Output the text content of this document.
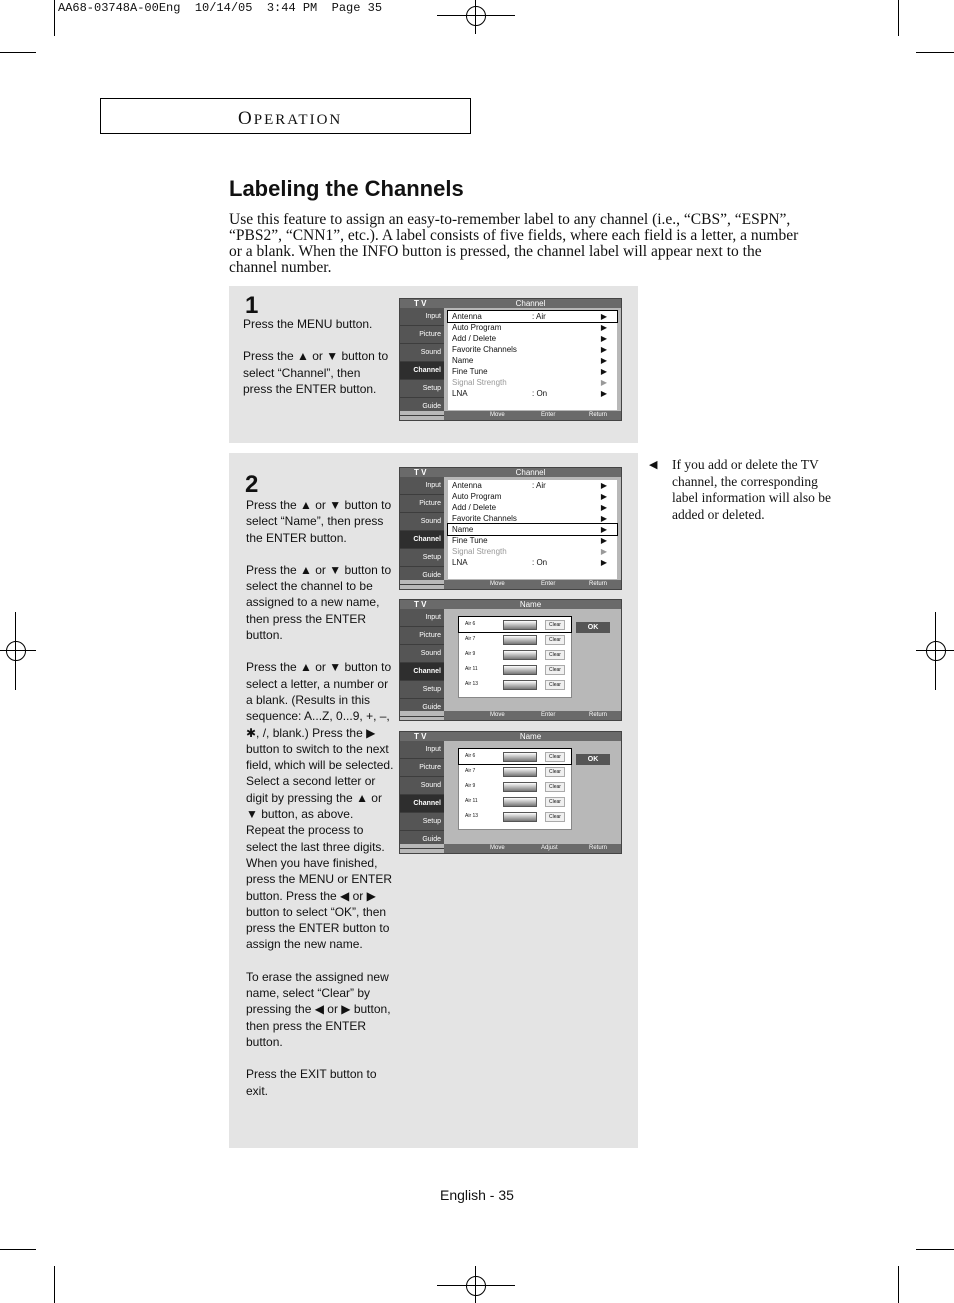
AA68-03748A-00Eng  10/14/05  3:44 PM  Page 35
OPERATION
Labeling the Channels
Use this feature to assign an easy-to-remember label to any channel (i.e., “CBS”, “ESPN”, “PBS2”, “CNN1”, etc.). A label consists of five fields, where each field is a letter, a number or a blank. When the INFO button is pressed, the channel label will appear next to the channel number.
1

Press the MENU button.

Press the ▲ or ▼ button to select “Channel”, then press the ENTER button.

2

Press the ▲ or ▼ button to select “Name”, then press the ENTER button.

Press the ▲ or ▼ button to select the channel to be assigned to a new name, then press the ENTER button.

Press the ▲ or ▼ button to select a letter, a number or a blank. (Results in this sequence: A...Z, 0...9, +, –, ✱, /, blank.) Press the ▶ button to switch to the next field, which will be selected. Select a second letter or digit by pressing the ▲ or ▼ button, as above. Repeat the process to select the last three digits. When you have finished, press the MENU or ENTER button. Press the ◀ or ▶ button to select “OK”, then press the ENTER button to assign the new name.

To erase the assigned new name, select “Clear” by pressing the ◀ or ▶ button, then press the ENTER button.

Press the EXIT button to exit.

T V	Channel
Input
Picture
Sound
Channel
Setup
Guide
Antenna	: Air	▶
Auto Program	▶
Add / Delete	▶
Favorite Channels	▶
Name	▶
Fine Tune	▶
Signal Strength	▶
LNA	: On	▶
Move	Enter	Return
T V	Channel
Input
Picture
Sound
Channel
Setup
Guide
Antenna	: Air	▶
Auto Program	▶
Add / Delete	▶
Favorite Channels	▶
Name	▶
Fine Tune	▶
Signal Strength	▶
LNA	: On	▶
Move	Enter	Return
T V	Name
Input
Picture
Sound
Channel
Setup
Guide
Air 6	Clear
Air 7	Clear
Air 9	Clear
Air 11	Clear
Air 13	Clear
OK
Move	Enter	Return
T V	Name
Input
Picture
Sound
Channel
Setup
Guide
Air 6	Clear
Air 7	Clear
Air 9	Clear
Air 11	Clear
Air 13	Clear
OK
Move	Adjust	Return
◀	If you add or delete the TV channel, the corresponding label information will also be added or deleted.
English - 35
